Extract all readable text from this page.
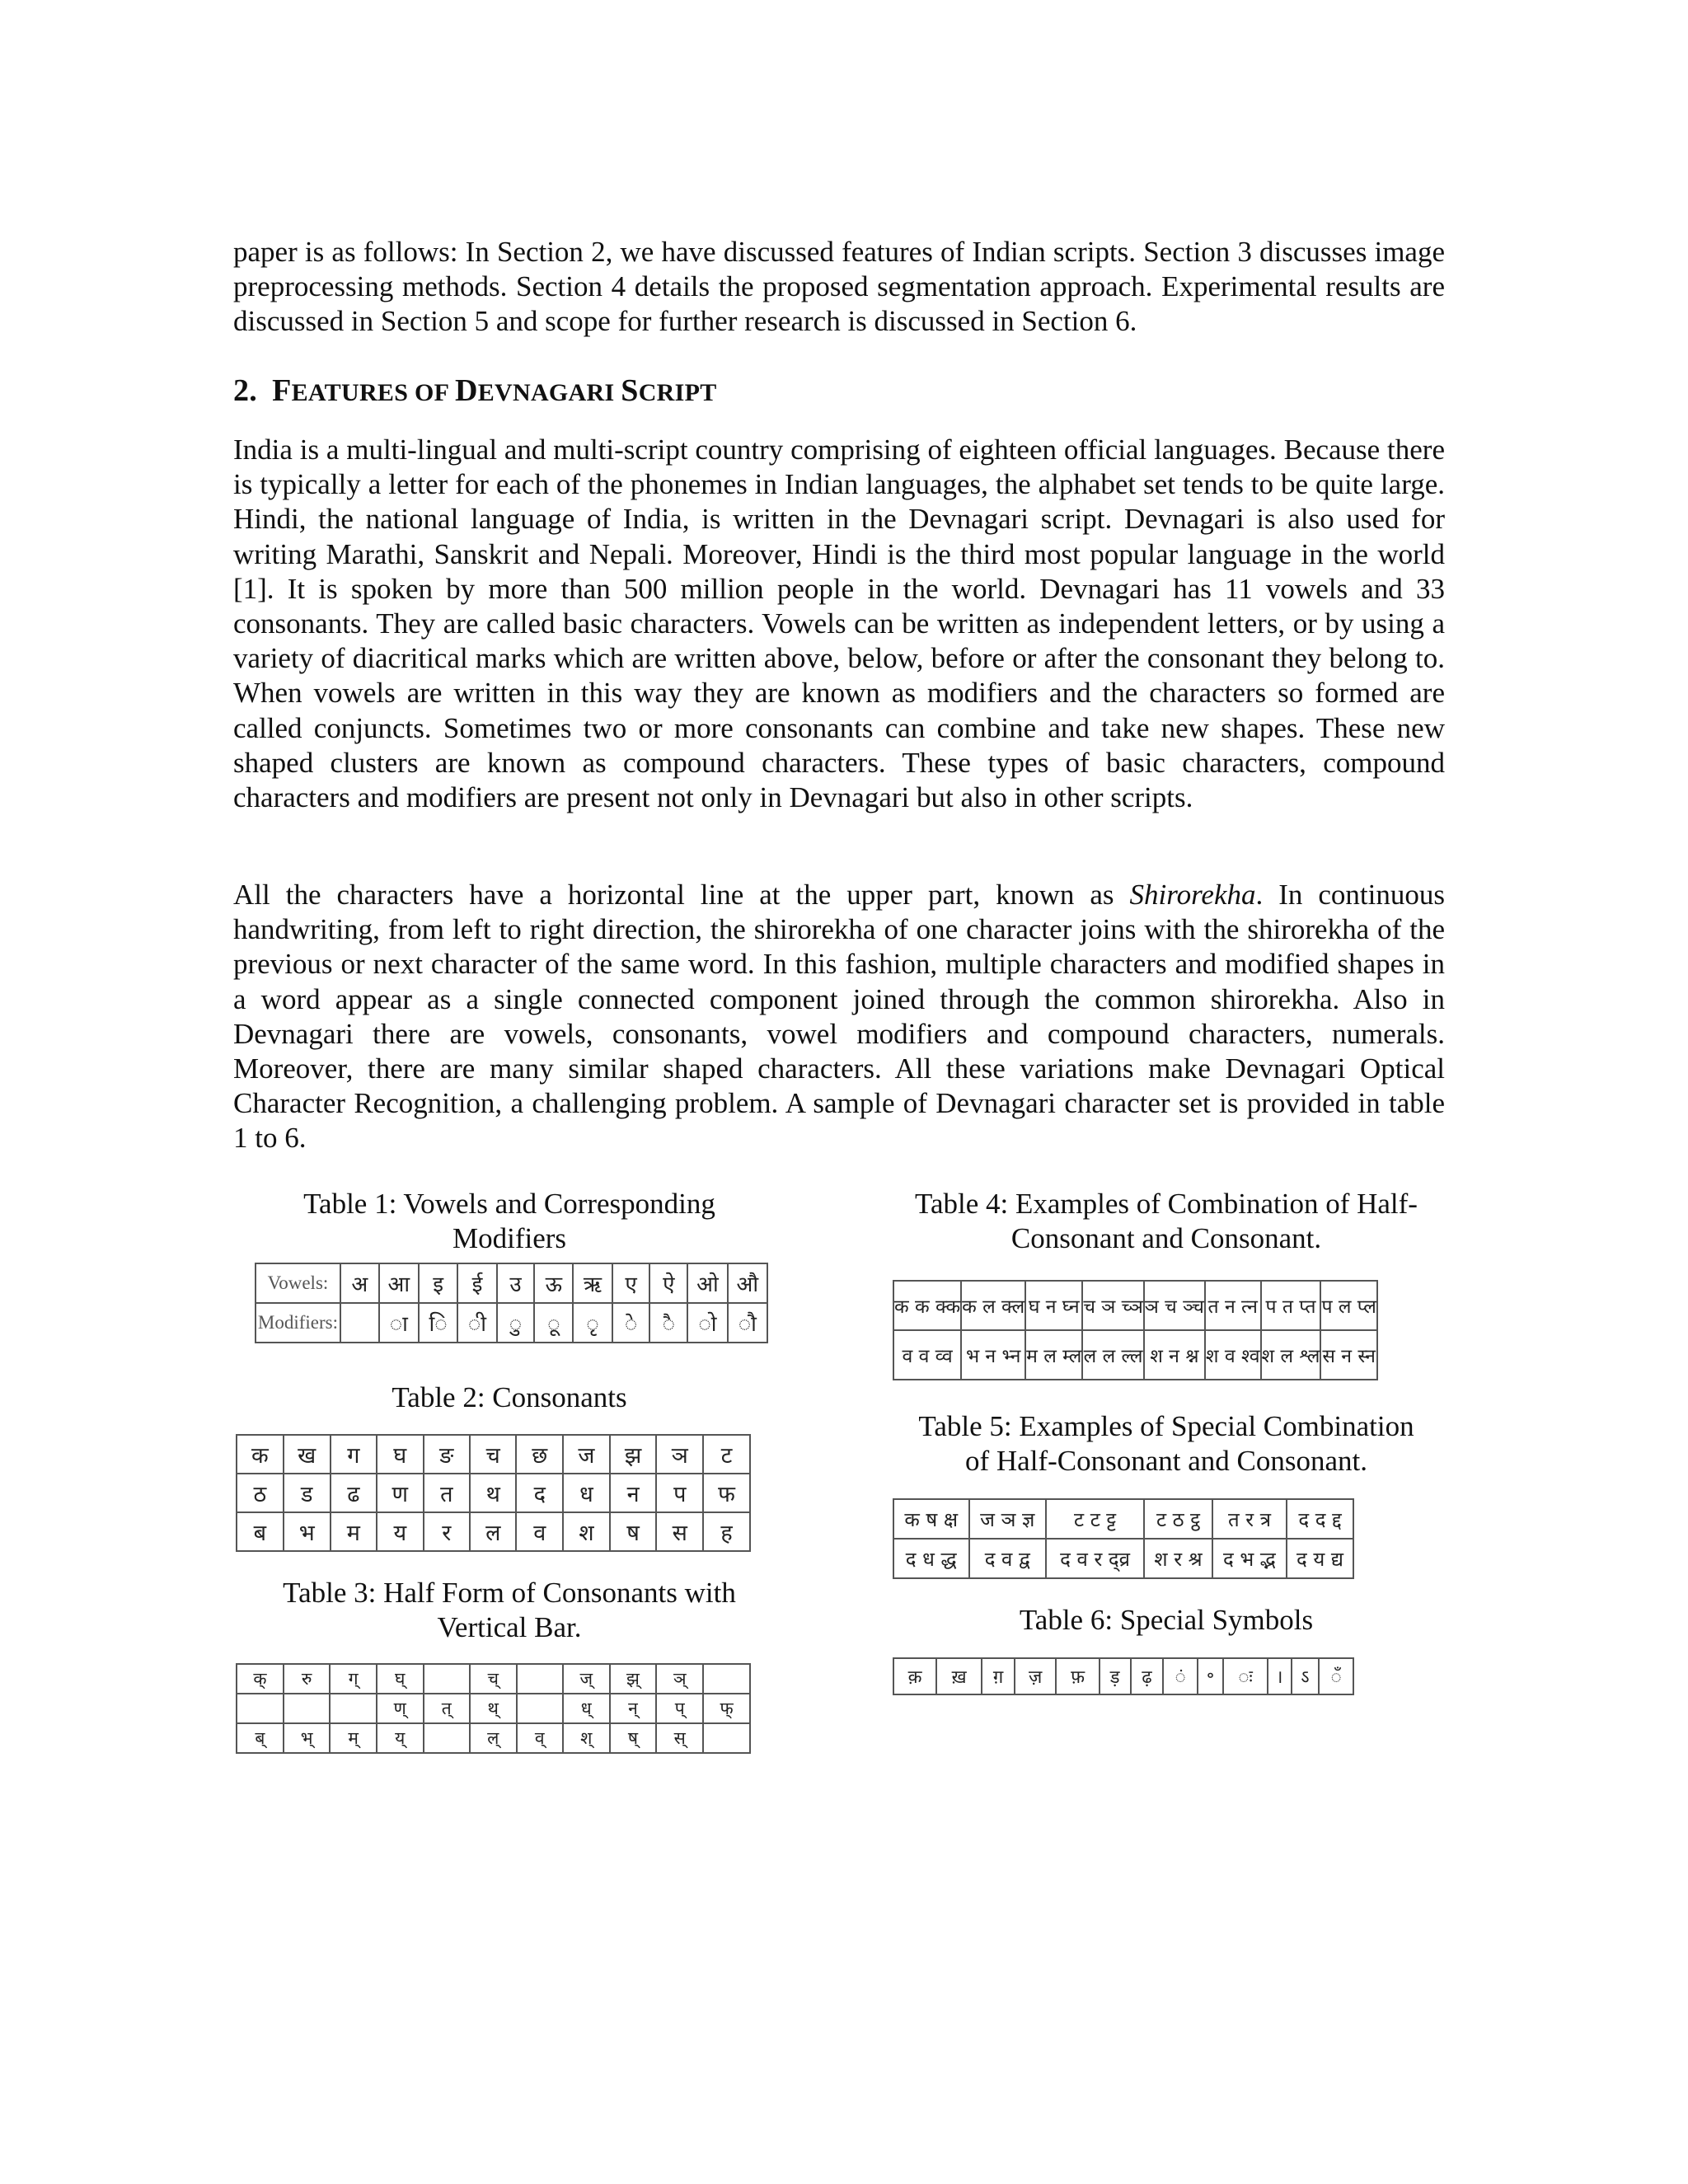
paper is as follows: In Section 2, we have discussed features of Indian scripts. Section 3 discusses image preprocessing methods. Section 4 details the proposed segmentation approach. Experimental results are discussed in Section 5 and scope for further research is discussed in Section 6.

2. FEATURES OF DEVNAGARI SCRIPT

India is a multi-lingual and multi-script country comprising of eighteen official languages. Because there is typically a letter for each of the phonemes in Indian languages, the alphabet set tends to be quite large. Hindi, the national language of India, is written in the Devnagari script. Devnagari is also used for writing Marathi, Sanskrit and Nepali. Moreover, Hindi is the third most popular language in the world [1]. It is spoken by more than 500 million people in the world. Devnagari has 11 vowels and 33 consonants. They are called basic characters. Vowels can be written as independent letters, or by using a variety of diacritical marks which are written above, below, before or after the consonant they belong to. When vowels are written in this way they are known as modifiers and the characters so formed are called conjuncts. Sometimes two or more consonants can combine and take new shapes. These new shaped clusters are known as compound characters. These types of basic characters, compound characters and modifiers are present not only in Devnagari but also in other scripts.

All the characters have a horizontal line at the upper part, known as Shirorekha. In continuous handwriting, from left to right direction, the shirorekha of one character joins with the shirorekha of the previous or next character of the same word. In this fashion, multiple characters and modified shapes in a word appear as a single connected component joined through the common shirorekha. Also in Devnagari there are vowels, consonants, vowel modifiers and compound characters, numerals. Moreover, there are many similar shaped characters. All these variations make Devnagari Optical Character Recognition, a challenging problem. A sample of Devnagari character set is provided in table 1 to 6.

Table 1: Vowels and Corresponding
Modifiers
Vowels:	अ	आ	इ	ई	उ	ऊ	ऋ	ए	ऐ	ओ	औ
Modifiers:		ा	ि	ी	ु	ू	ृ	े	ै	ो	ौ
Table 2: Consonants
क	ख	ग	घ	ङ	च	छ	ज	झ	ञ	ट
ठ	ड	ढ	ण	त	थ	द	ध	न	प	फ
ब	भ	म	य	र	ल	व	श	ष	स	ह
Table 3: Half Form of Consonants with
Vertical Bar.
क्	रु	ग्	घ्		च्		ज्	झ्	ञ्	
			ण्	त्	थ्		ध्	न्	प्	फ्
ब्	भ्	म्	य्		ल्	व्	श्	ष्	स्	
Table 4: Examples of Combination of Half-
Consonant and Consonant.
क क क्क	क ल क्ल	घ न घ्न	च ञ च्ञ	ञ च ञ्च	त न त्न	प त प्त	प ल प्ल
व व व्व	भ न भ्न	म ल म्ल	ल ल ल्ल	श न श्न	श व श्व	श ल श्ल	स न स्न
Table 5: Examples of Special Combination
of Half-Consonant and Consonant.
क ष क्ष	ज ञ ज्ञ	ट ट ट्ट	ट ठ ट्ठ	त र त्र	द द द्द
द ध द्ध	द व द्व	द व र द्व्र	श र श्र	द भ द्भ	द य द्य
Table 6: Special Symbols
क़	ख़	ग़	ज़	फ़	ड़	ढ़	ं	॰	ः	।	ऽ	ँ
